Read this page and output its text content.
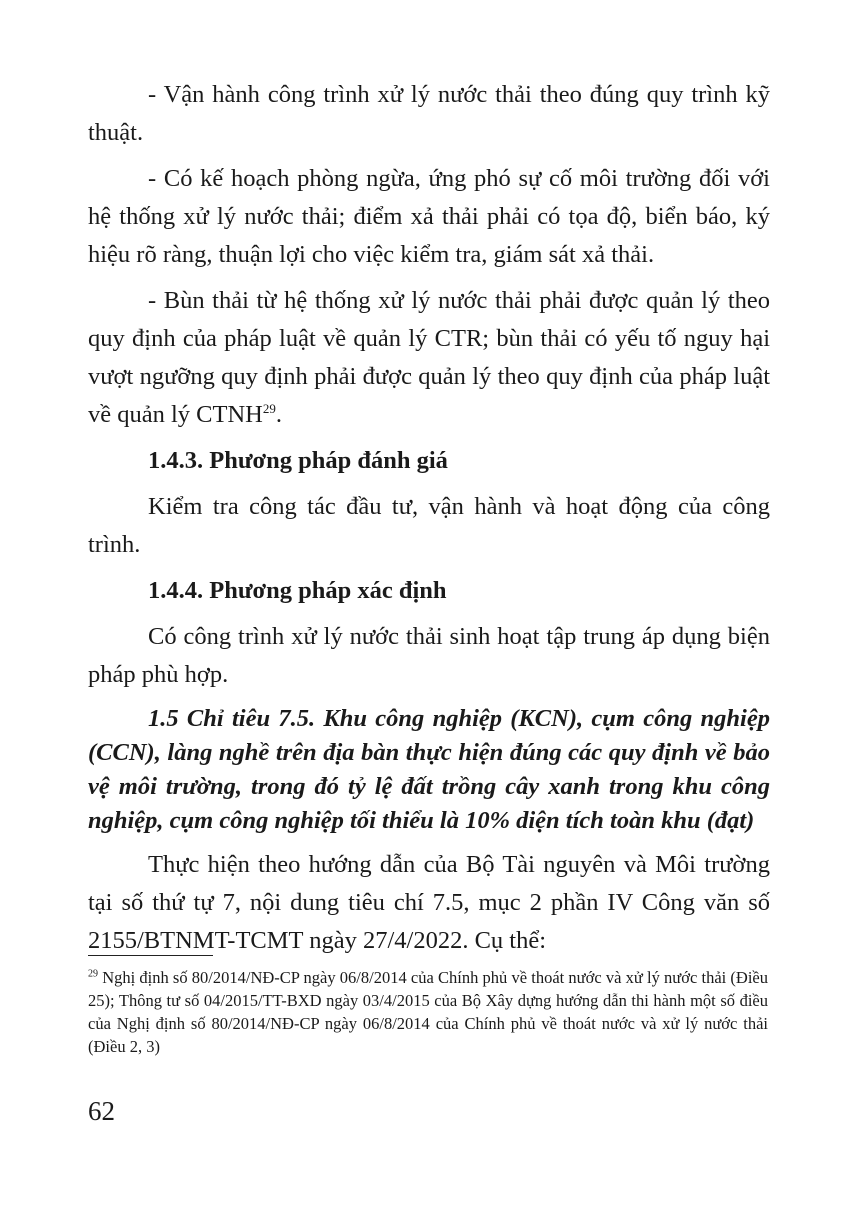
- Vận hành công trình xử lý nước thải theo đúng quy trình kỹ thuật.

- Có kế hoạch phòng ngừa, ứng phó sự cố môi trường đối với hệ thống xử lý nước thải; điểm xả thải phải có tọa độ, biển báo, ký hiệu rõ ràng, thuận lợi cho việc kiểm tra, giám sát xả thải.

- Bùn thải từ hệ thống xử lý nước thải phải được quản lý theo quy định của pháp luật về quản lý CTR; bùn thải có yếu tố nguy hại vượt ngưỡng quy định phải được quản lý theo quy định của pháp luật về quản lý CTNH$^{29}$.

1.4.3. Phương pháp đánh giá

Kiểm tra công tác đầu tư, vận hành và hoạt động của công trình.

1.4.4. Phương pháp xác định

Có công trình xử lý nước thải sinh hoạt tập trung áp dụng biện pháp phù hợp.

1.5 Chỉ tiêu 7.5. Khu công nghiệp (KCN), cụm công nghiệp (CCN), làng nghề trên địa bàn thực hiện đúng các quy định về bảo vệ môi trường, trong đó tỷ lệ đất trồng cây xanh trong khu công nghiệp, cụm công nghiệp tối thiểu là 10% diện tích toàn khu (đạt)

Thực hiện theo hướng dẫn của Bộ Tài nguyên và Môi trường tại số thứ tự 7, nội dung tiêu chí 7.5, mục 2 phần IV Công văn số 2155/BTNMT-TCMT ngày 27/4/2022. Cụ thể:

$^{29}$ Nghị định số 80/2014/NĐ-CP ngày 06/8/2014 của Chính phủ về thoát nước và xử lý nước thải (Điều 25); Thông tư số 04/2015/TT-BXD ngày 03/4/2015 của Bộ Xây dựng hướng dẫn thi hành một số điều của Nghị định số 80/2014/NĐ-CP ngày 06/8/2014 của Chính phủ về thoát nước và xử lý nước thải (Điều 2, 3)

62
